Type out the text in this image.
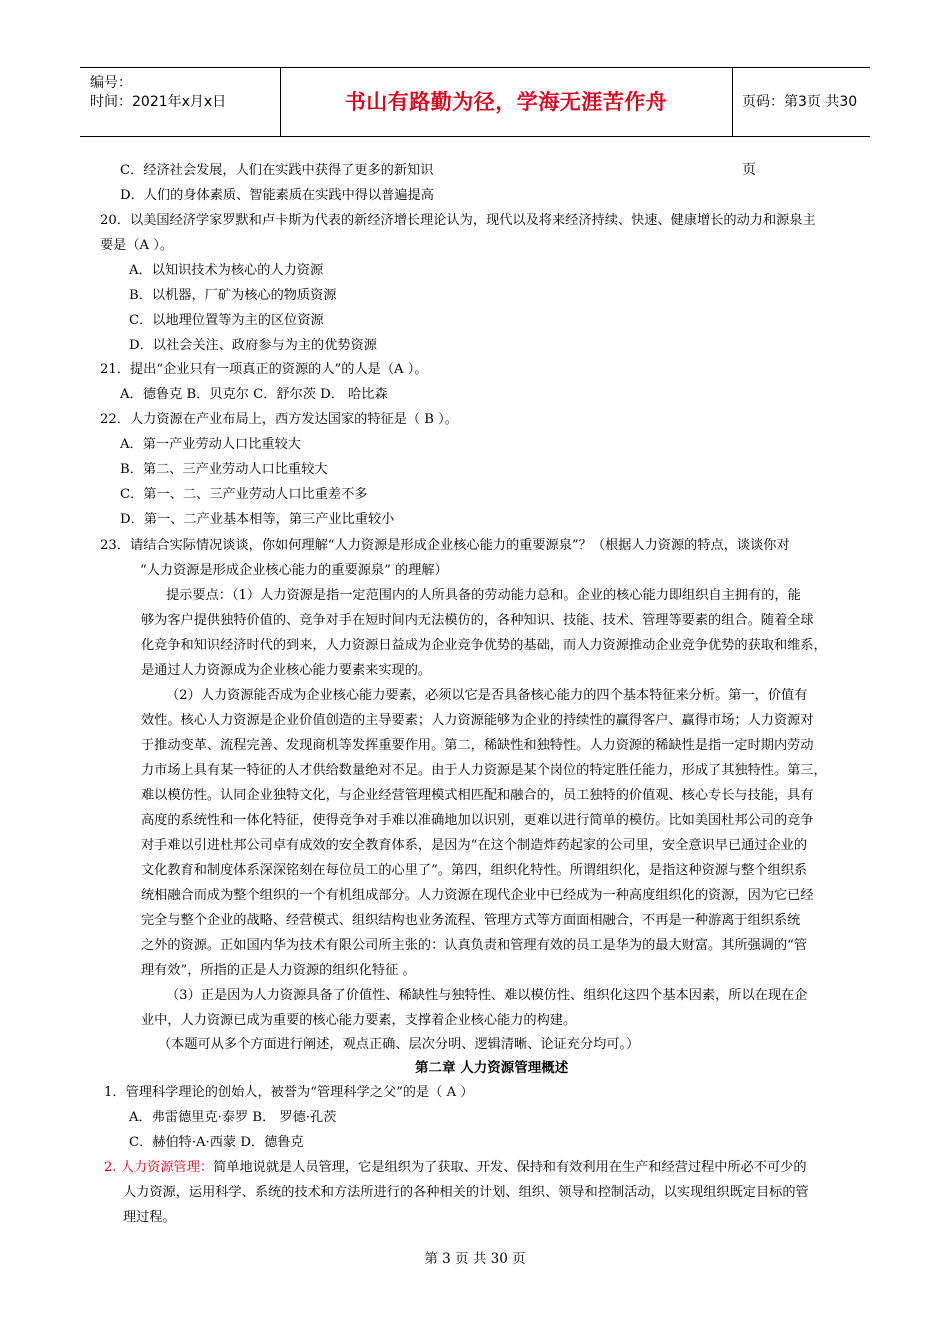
编号：
时间：2021年x月x日	书山有路勤为径，学海无涯苦作舟	页码：第3页 共30页
C．经济社会发展，人们在实践中获得了更多的新知识
D．人们的身体素质、智能素质在实践中得以普遍提高
20．以美国经济学家罗默和卢卡斯为代表的新经济增长理论认为，现代以及将来经济持续、快速、健康增长的动力和源泉主
要是（A ）。
A．以知识技术为核心的人力资源
B．以机器，厂矿为核心的物质资源
C．以地理位置等为主的区位资源
D．以社会关注、政府参与为主的优势资源
21．提出“企业只有一项真正的资源的人”的人是（A ）。
A．德鲁克 B．贝克尔 C．舒尔茨 D． 哈比森
22．人力资源在产业布局上，西方发达国家的特征是（ B ）。
A．第一产业劳动人口比重较大
B．第二、三产业劳动人口比重较大
C．第一、二、三产业劳动人口比重差不多
D．第一、二产业基本相等，第三产业比重较小
23．请结合实际情况谈谈，你如何理解“人力资源是形成企业核心能力的重要源泉”？（根据人力资源的特点，谈谈你对
“人力资源是形成企业核心能力的重要源泉” 的理解）
提示要点：（1）人力资源是指一定范围内的人所具备的劳动能力总和。企业的核心能力即组织自主拥有的，能
够为客户提供独特价值的、竞争对手在短时间内无法模仿的，各种知识、技能、技术、管理等要素的组合。随着全球
化竞争和知识经济时代的到来，人力资源日益成为企业竞争优势的基础，而人力资源推动企业竞争优势的获取和维系，
是通过人力资源成为企业核心能力要素来实现的。
（2）人力资源能否成为企业核心能力要素，必须以它是否具备核心能力的四个基本特征来分析。第一，价值有
效性。核心人力资源是企业价值创造的主导要素；人力资源能够为企业的持续性的赢得客户、赢得市场；人力资源对
于推动变革、流程完善、发现商机等发挥重要作用。第二，稀缺性和独特性。人力资源的稀缺性是指一定时期内劳动
力市场上具有某一特征的人才供给数量绝对不足。由于人力资源是某个岗位的特定胜任能力，形成了其独特性。第三，
难以模仿性。认同企业独特文化，与企业经营管理模式相匹配和融合的，员工独特的价值观、核心专长与技能，具有
高度的系统性和一体化特征，使得竞争对手难以准确地加以识别，更难以进行简单的模仿。比如美国杜邦公司的竞争
对手难以引进杜邦公司卓有成效的安全教育体系，是因为“在这个制造炸药起家的公司里，安全意识早已通过企业的
文化教育和制度体系深深铭刻在每位员工的心里了”。第四，组织化特性。所谓组织化，是指这种资源与整个组织系
统相融合而成为整个组织的一个有机组成部分。人力资源在现代企业中已经成为一种高度组织化的资源，因为它已经
完全与整个企业的战略、经营模式、组织结构也业务流程、管理方式等方面面相融合，不再是一种游离于组织系统
之外的资源。正如国内华为技术有限公司所主张的：认真负责和管理有效的员工是华为的最大财富。其所强调的“管
理有效”，所指的正是人力资源的组织化特征 。
（3）正是因为人力资源具备了价值性、稀缺性与独特性、难以模仿性、组织化这四个基本因素，所以在现在企
业中，人力资源已成为重要的核心能力要素，支撑着企业核心能力的构建。
（本题可从多个方面进行阐述，观点正确、层次分明、逻辑清晰、论证充分均可。）
1．管理科学理论的创始人，被誉为“管理科学之父”的是（ A ）
A．弗雷德里克·泰罗 B． 罗德·孔茨
C．赫伯特·A·西蒙 D．德鲁克
人力资源，运用科学、系统的技术和方法所进行的各种相关的计划、组织、领导和控制活动，以实现组织既定目标的管
理过程。
第二章 人力资源管理概述
2. 人力资源管理：简单地说就是人员管理，它是组织为了获取、开发、保持和有效利用在生产和经营过程中所必不可少的
第 3 页 共 30 页
